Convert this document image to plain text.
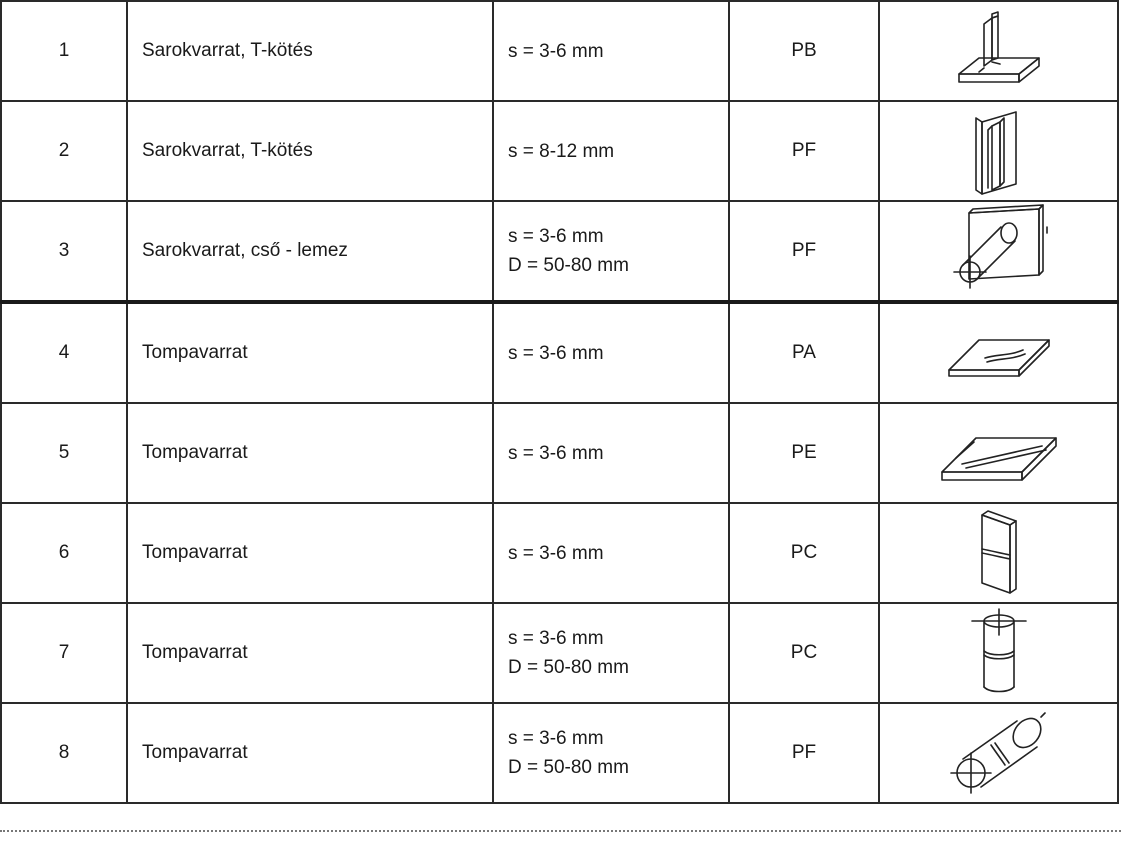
1	Sarokvarrat, T-kötés	s = 3-6 mm	PB	

2	Sarokvarrat, T-kötés	s = 8-12 mm	PF	

3	Sarokvarrat, cső - lemez	s = 3-6 mm
D = 50-80 mm	PF	

4	Tompavarrat	s = 3-6 mm	PA	

5	Tompavarrat	s = 3-6 mm	PE	

6	Tompavarrat	s = 3-6 mm	PC	

7	Tompavarrat	s = 3-6 mm
D = 50-80 mm	PC	

8	Tompavarrat	s = 3-6 mm
D = 50-80 mm	PF	
